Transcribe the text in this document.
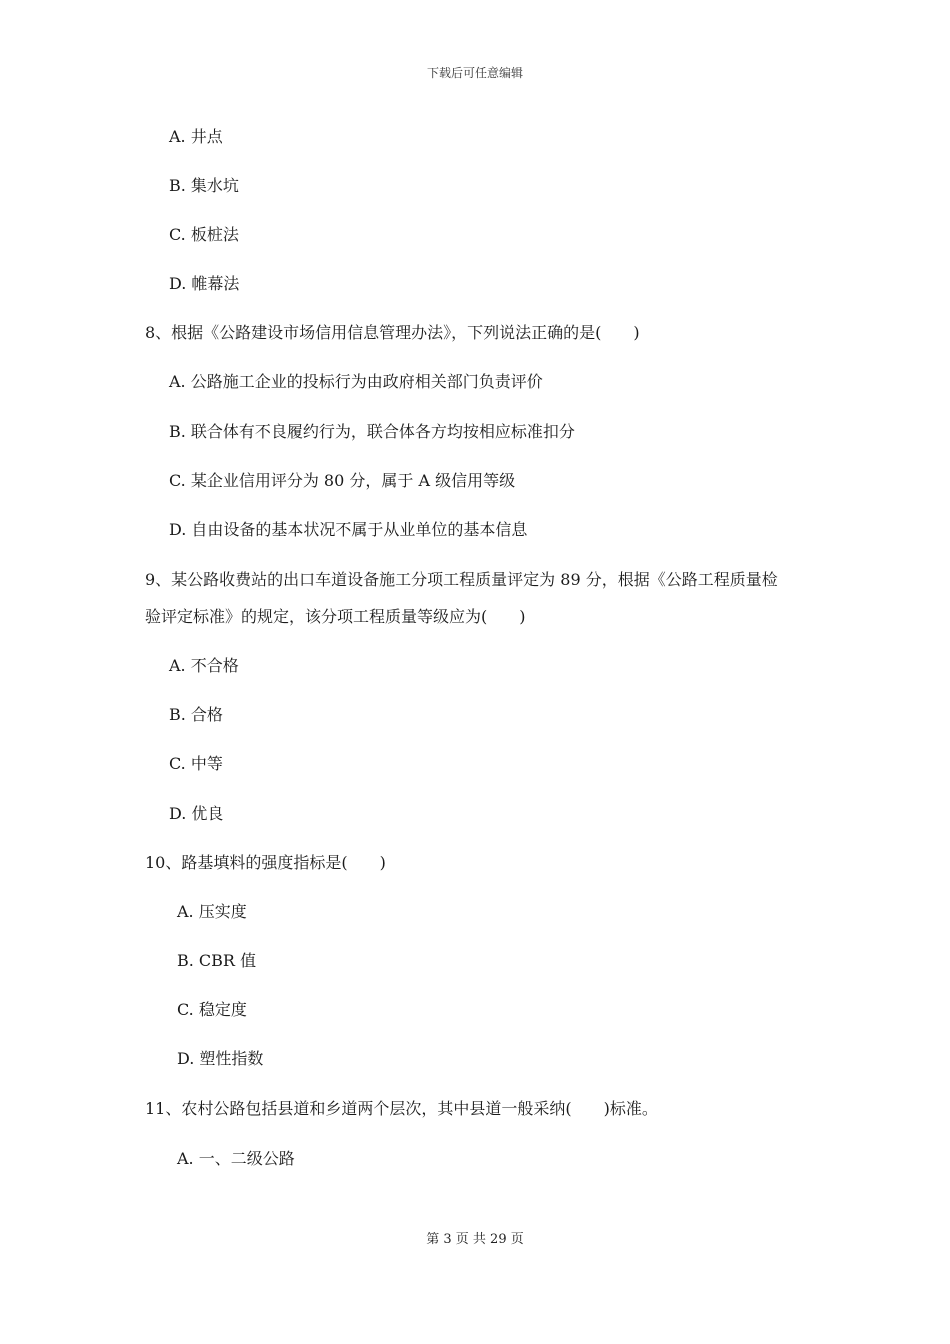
下载后可任意编辑
A. 井点
B. 集水坑
C. 板桩法
D. 帷幕法
8、根据《公路建设市场信用信息管理办法》，下列说法正确的是(　　)
A. 公路施工企业的投标行为由政府相关部门负责评价
B. 联合体有不良履约行为，联合体各方均按相应标准扣分
C. 某企业信用评分为 80 分，属于 A 级信用等级
D. 自由设备的基本状况不属于从业单位的基本信息
9、某公路收费站的出口车道设备施工分项工程质量评定为 89 分，根据《公路工程质量检
验评定标准》的规定，该分项工程质量等级应为(　　)
A. 不合格
B. 合格
C. 中等
D. 优良
10、路基填料的强度指标是(　　)
A. 压实度
B. CBR 值
C. 稳定度
D. 塑性指数
11、农村公路包括县道和乡道两个层次，其中县道一般采纳(　　)标准。
A. 一、二级公路
第 3 页 共 29 页
